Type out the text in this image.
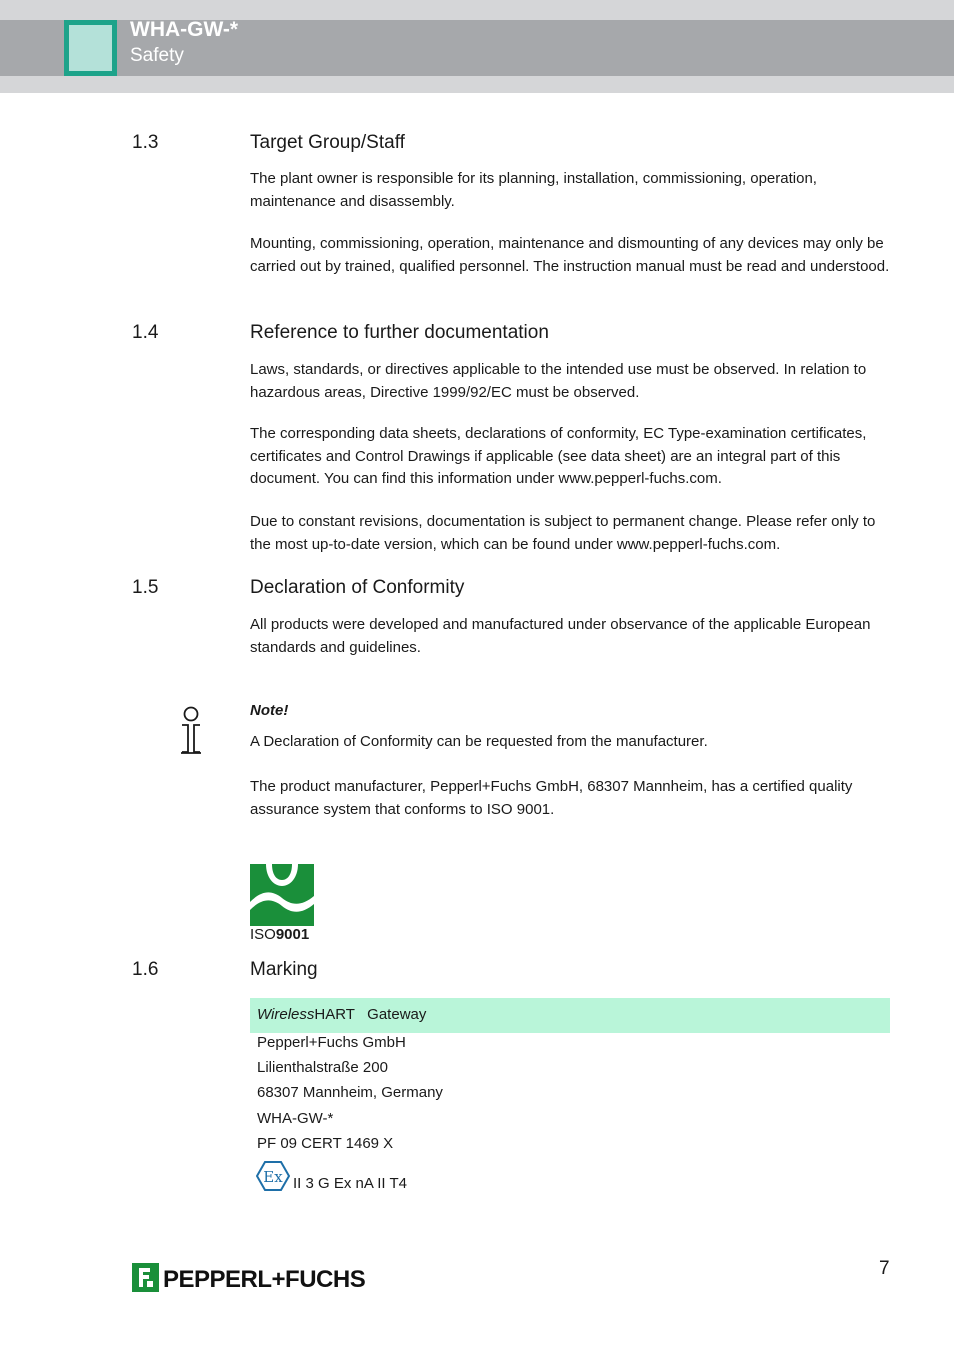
WHA-GW-*
Safety
1.3	Target Group/Staff
The plant owner is responsible for its planning, installation, commissioning, operation, maintenance and disassembly.
Mounting, commissioning, operation, maintenance and dismounting of any devices may only be carried out by trained, qualified personnel. The instruction manual must be read and understood.
1.4	Reference to further documentation
Laws, standards, or directives applicable to the intended use must be observed. In relation to hazardous areas, Directive 1999/92/EC must be observed.
The corresponding data sheets, declarations of conformity, EC Type-examination certificates, certificates and Control Drawings if applicable (see data sheet) are an integral part of this document. You can find this information under www.pepperl-fuchs.com.
Due to constant revisions, documentation is subject to permanent change. Please refer only to the most up-to-date version, which can be found under www.pepperl-fuchs.com.
1.5	Declaration of Conformity
All products were developed and manufactured under observance of the applicable European standards and guidelines.
Note!
A Declaration of Conformity can be requested from the manufacturer.
The product manufacturer, Pepperl+Fuchs GmbH, 68307 Mannheim, has a certified quality assurance system that conforms to ISO 9001.
ISO9001
1.6	Marking
WirelessHART   Gateway
Pepperl+Fuchs GmbH
Lilienthalstraße 200
68307 Mannheim, Germany
WHA-GW-*
PF 09 CERT 1469 X
Ex II 3 G Ex nA II T4
PEPPERL+FUCHS	7
